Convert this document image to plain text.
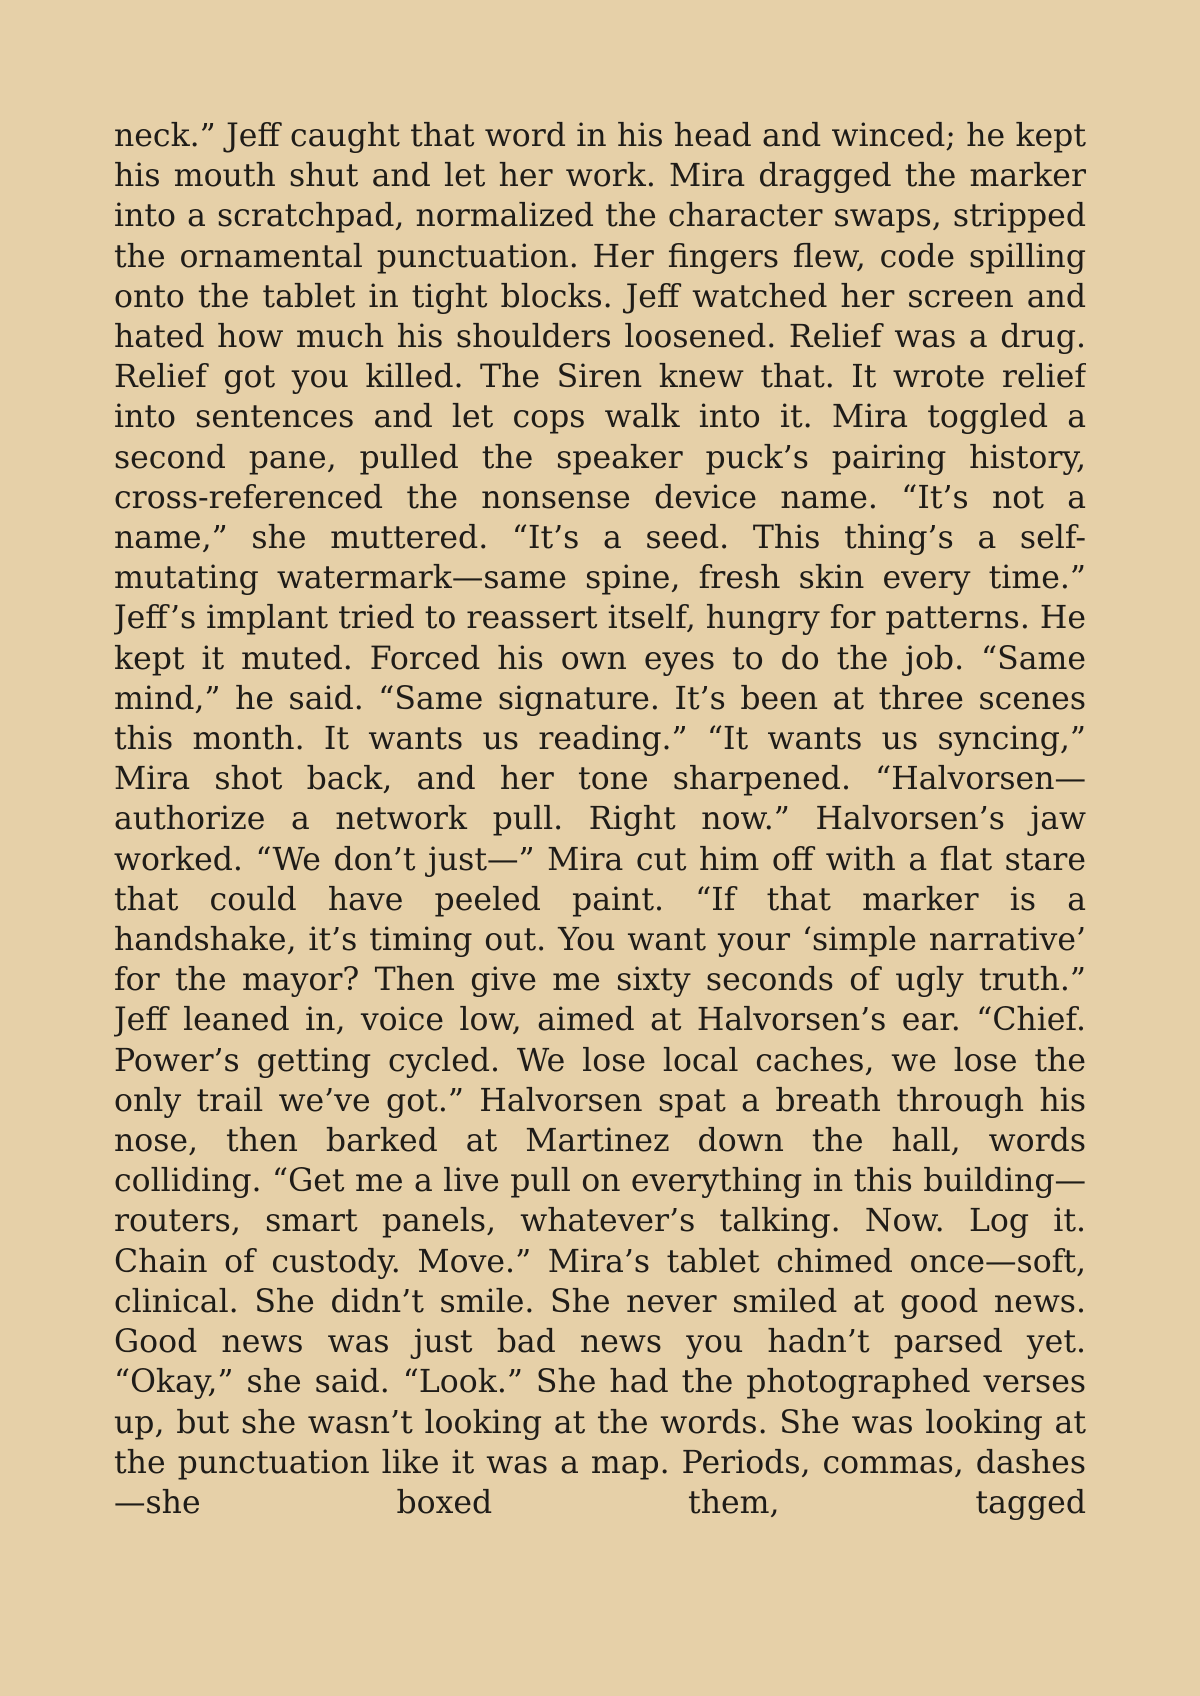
neck.” Jeff caught that word in his head and winced; he kept his mouth shut and let her work. Mira dragged the marker into a scratchpad, normalized the character swaps, stripped the ornamental punctuation. Her fingers flew, code spilling onto the tablet in tight blocks. Jeff watched her screen and hated how much his shoulders loosened. Relief was a drug. Relief got you killed. The Siren knew that. It wrote relief into sentences and let cops walk into it. Mira toggled a second pane, pulled the speaker puck’s pairing history, cross-referenced the nonsense device name. “It’s not a name,” she muttered. “It’s a seed. This thing’s a self-mutating watermark—same spine, fresh skin every time.” Jeff’s implant tried to reassert itself, hungry for patterns. He kept it muted. Forced his own eyes to do the job. “Same mind,” he said. “Same signature. It’s been at three scenes this month. It wants us reading.” “It wants us syncing,” Mira shot back, and her tone sharpened. “Halvorsen—authorize a network pull. Right now.” Halvorsen’s jaw worked. “We don’t just—” Mira cut him off with a flat stare that could have peeled paint. “If that marker is a handshake, it’s timing out. You want your ‘simple narrative’ for the mayor? Then give me sixty seconds of ugly truth.” Jeff leaned in, voice low, aimed at Halvorsen’s ear. “Chief. Power’s getting cycled. We lose local caches, we lose the only trail we’ve got.” Halvorsen spat a breath through his nose, then barked at Martinez down the hall, words colliding. “Get me a live pull on everything in this building—routers, smart panels, whatever’s talking. Now. Log it. Chain of custody. Move.” Mira’s tablet chimed once—soft, clinical. She didn’t smile. She never smiled at good news. Good news was just bad news you hadn’t parsed yet. “Okay,” she said. “Look.” She had the photographed verses up, but she wasn’t looking at the words. She was looking at the punctuation like it was a map. Periods, commas, dashes—she boxed them, tagged
